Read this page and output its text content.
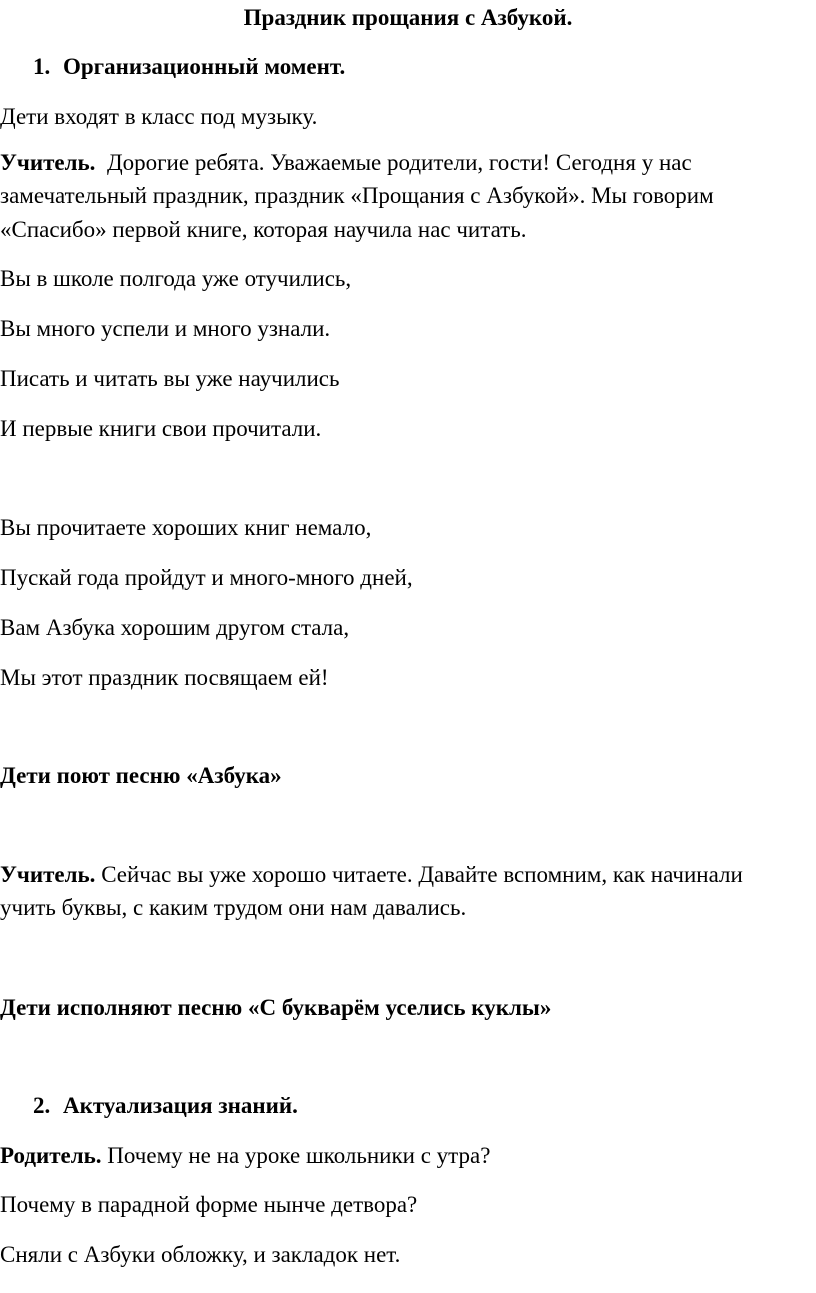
Праздник прощания с Азбукой.
1. Организационный момент.
Дети входят в класс под музыку.
Учитель.  Дорогие ребята. Уважаемые родители, гости! Сегодня у нас
замечательный праздник, праздник «Прощания с Азбукой». Мы говорим
«Спасибо» первой книге, которая научила нас читать.
Вы в школе полгода уже отучились,
Вы много успели и много узнали.
Писать и читать вы уже научились
И первые книги свои прочитали.
Вы прочитаете хороших книг немало,
Пускай года пройдут и много-много дней,
Вам Азбука хорошим другом стала,
Мы этот праздник посвящаем ей!
Дети поют песню «Азбука»
Учитель. Сейчас вы уже хорошо читаете. Давайте вспомним, как начинали
учить буквы, с каким трудом они нам давались.
Дети исполняют песню «С букварём уселись куклы»
2. Актуализация знаний.
Родитель. Почему не на уроке школьники с утра?
Почему в парадной форме нынче детвора?
Сняли с Азбуки обложку, и закладок нет.
